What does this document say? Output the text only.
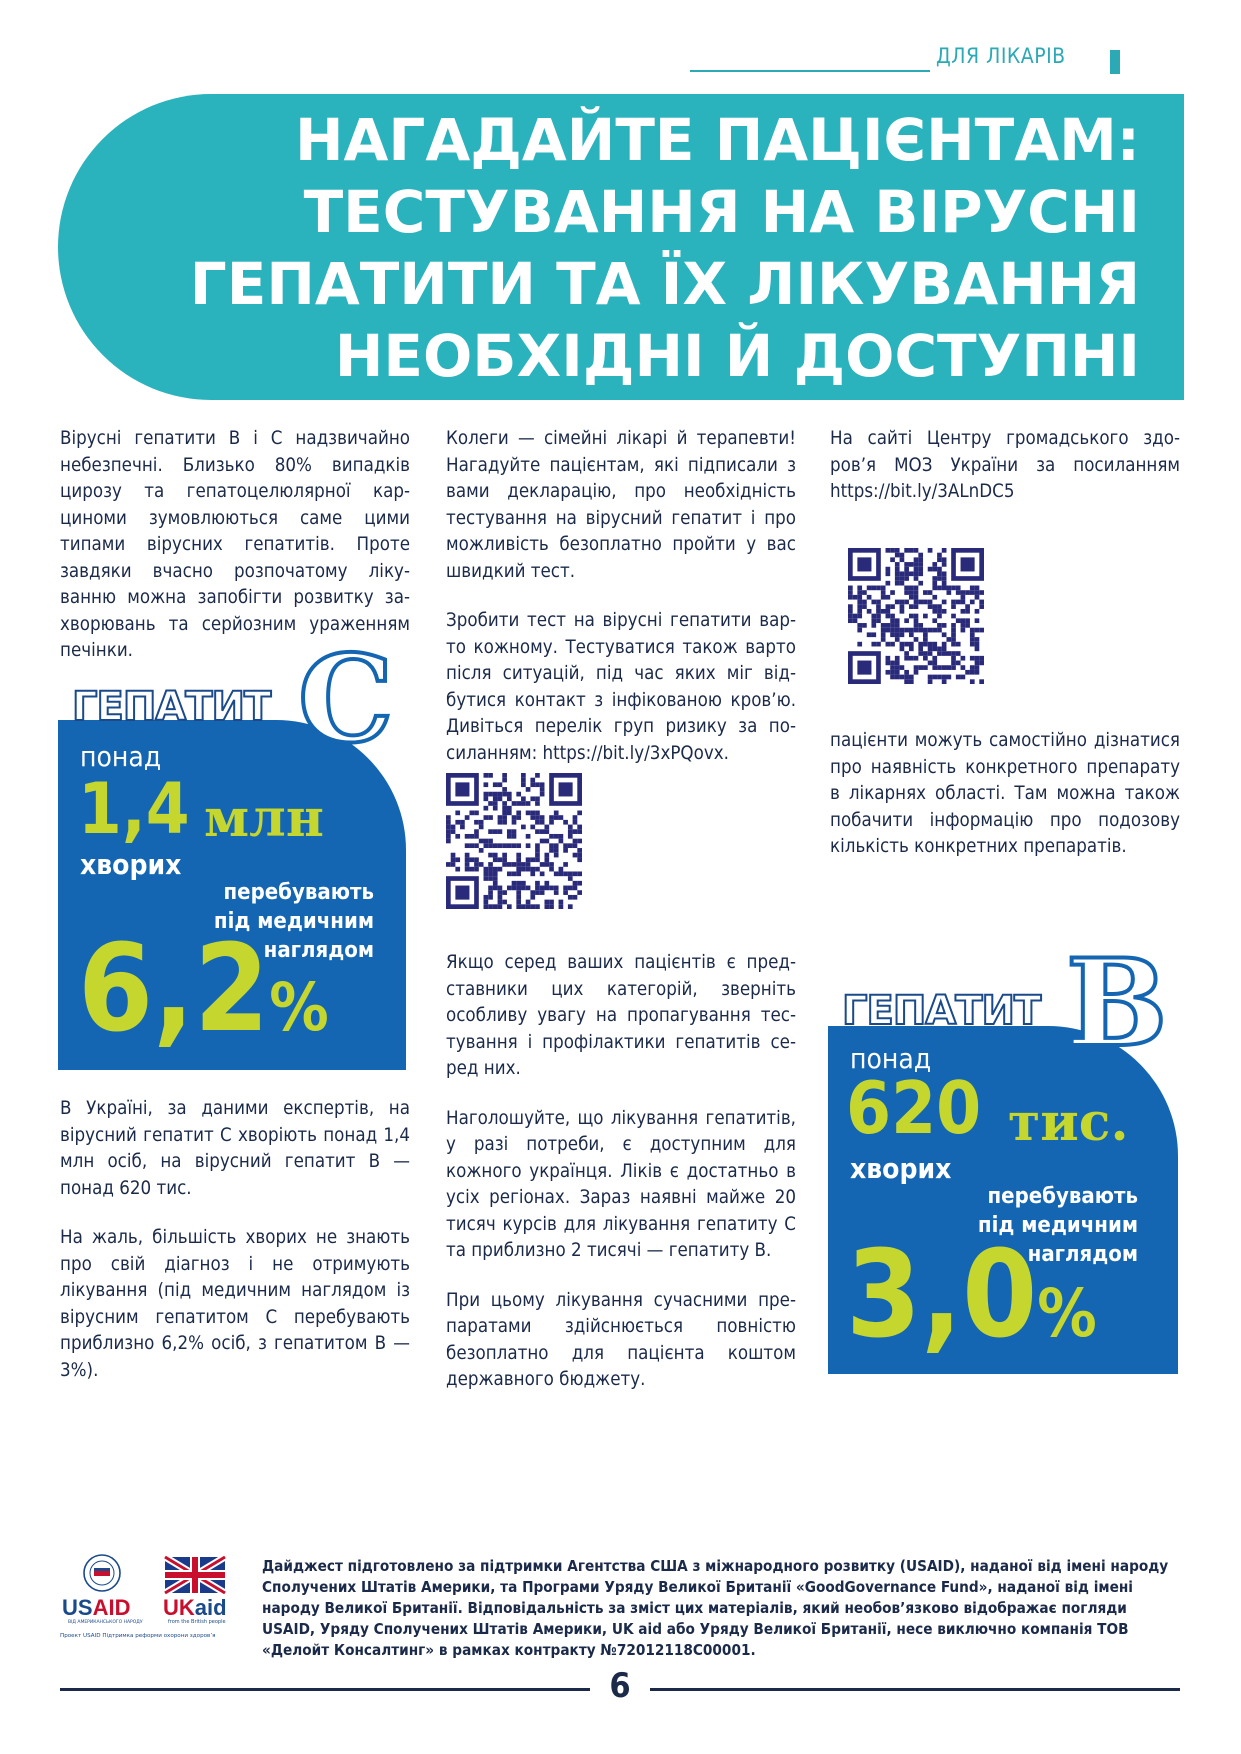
ДЛЯ ЛІКАРІВ
НАГАДАЙТЕ ПАЦІЄНТАМ:
ТЕСТУВАННЯ НА ВІРУСНІ
ГЕПАТИТИ ТА ЇХ ЛІКУВАННЯ
НЕОБХІДНІ Й ДОСТУПНІ

Вірусні гепатити В і С надзвичайно небезпечні. Близько 80% випадків цирозу та гепатоцелюлярної карциноми зумовлюються саме цими типами вірусних гепатитів. Проте завдяки вчасно розпочатому лікуванню можна запобігти розвитку захворювань та серйозним ураженням печінки.

ГЕПАТИТ С
понад
1,4 млн
хворих
перебувають
під медичним
наглядом
6,2%

В Україні, за даними експертів, на вірусний гепатит С хворіють понад 1,4 млн осіб, на вірусний гепатит В — понад 620 тис.

На жаль, більшість хворих не знають про свій діагноз і не отримують лікування (під медичним наглядом із вірусним гепатитом С перебувають приблизно 6,2% осіб, з гепатитом В — 3%).

Колеги — сімейні лікарі й терапевти! Нагадуйте пацієнтам, які підписали з вами декларацію, про необхідність тестування на вірусний гепатит і про можливість безоплатно пройти у вас швидкий тест.

Зробити тест на вірусні гепатити варто кожному. Тестуватися також варто після ситуацій, під час яких міг відбутися контакт з інфікованою кров’ю. Дивіться перелік груп ризику за посиланням: https://bit.ly/3xPQovx.

Якщо серед ваших пацієнтів є представники цих категорій, зверніть особливу увагу на пропагування тестування і профілактики гепатитів серед них.

Наголошуйте, що лікування гепатитів, у разі потреби, є доступним для кожного українця. Ліків є достатньо в усіх регіонах. Зараз наявні майже 20 тисяч курсів для лікування гепатиту С та приблизно 2 тисячі — гепатиту В.

При цьому лікування сучасними препаратами здійснюється повністю безоплатно для пацієнта коштом державного бюджету.

На сайті Центру громадського здоров’я МОЗ України за посиланням https://bit.ly/3ALnDC5

пацієнти можуть самостійно дізнатися про наявність конкретного препарату в лікарнях області. Там можна також побачити інформацію про подозову кількість конкретних препаратів.

ГЕПАТИТ B
понад
620 тис.
хворих
перебувають
під медичним
наглядом
3,0%
USAID
ВІД АМЕРИКАНСЬКОГО НАРОДУ
Проект USAID Підтримка реформи охорони здоров’я
UKaid
from the British people
Дайджест підготовлено за підтримки Агентства США з міжнародного розвитку (USAID), наданої від імені народу Сполучених Штатів Америки, та Програми Уряду Великої Британії «GoodGovernance Fund», наданої від імені народу Великої Британії. Відповідальність за зміст цих матеріалів, який необов’язково відображає погляди USAID, Уряду Сполучених Штатів Америки, UK aid або Уряду Великої Британії, несе виключно компанія ТОВ «Делойт Консалтинг» в рамках контракту №72012118С00001.
6
